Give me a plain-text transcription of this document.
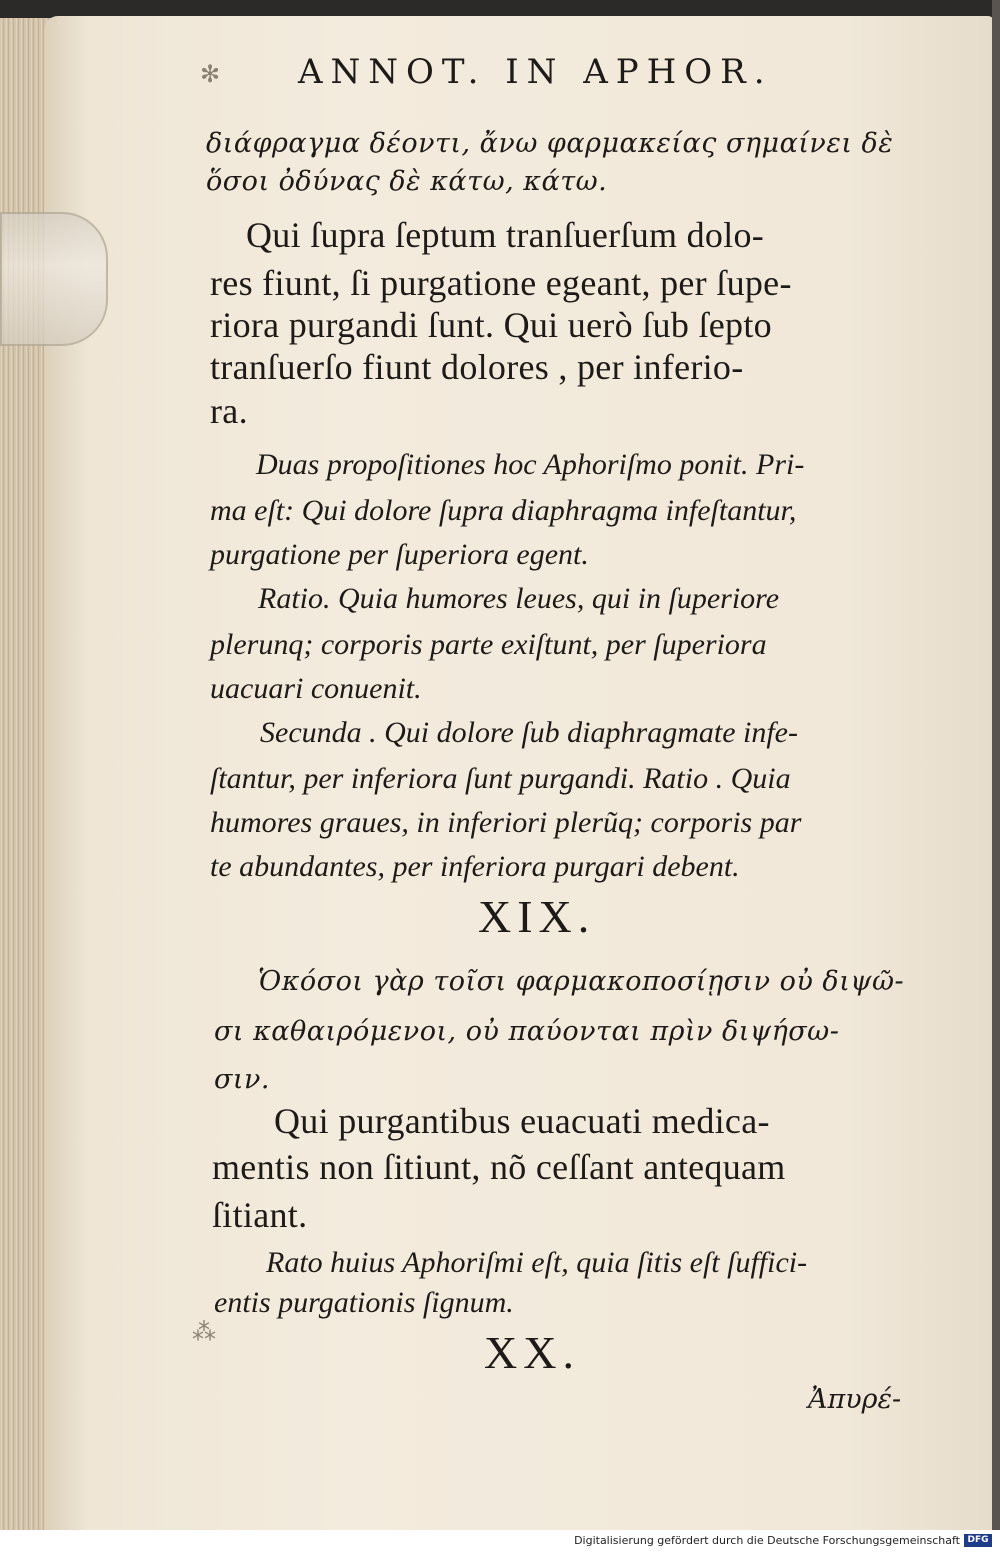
✻
⁂
ANNOT. IN APHOR.
διάφραγμα δέοντι, ἄνω φαρμακείας σημαίνει δὲ
ὅσοι ὀδύνας δὲ κάτω, κάτω.
Qui ſupra ſeptum tranſuerſum dolo-
res fiunt, ſi purgatione egeant, per ſupe-
riora purgandi ſunt. Qui uerò ſub ſepto
tranſuerſo fiunt dolores , per inferio-
ra.
Duas propoſitiones hoc Aphoriſmo ponit. Pri-
ma eſt: Qui dolore ſupra diaphragma infeſtantur,
purgatione per ſuperiora egent.
Ratio. Quia humores leues, qui in ſuperiore
plerunq; corporis parte exiſtunt, per ſuperiora
uacuari conuenit.
Secunda . Qui dolore ſub diaphragmate infe-
ſtantur, per inferiora ſunt purgandi. Ratio . Quia
humores graues, in inferiori plerũq; corporis par
te abundantes, per inferiora purgari debent.
XIX.
Ὁκόσοι γὰρ τοῖσι φαρμακοποσίῃσιν οὐ διψῶ-
σι καθαιρόμενοι, οὐ παύονται πρὶν διψήσω-
σιν.
Qui purgantibus euacuati medica-
mentis non ſitiunt, nõ ceſſant antequam
ſitiant.
Rato huius Aphoriſmi eſt, quia ſitis eſt ſuffici-
entis purgationis ſignum.
XX.
Ἀπυρέ-
Digitalisierung gefördert durch die Deutsche Forschungsgemeinschaft DFG
